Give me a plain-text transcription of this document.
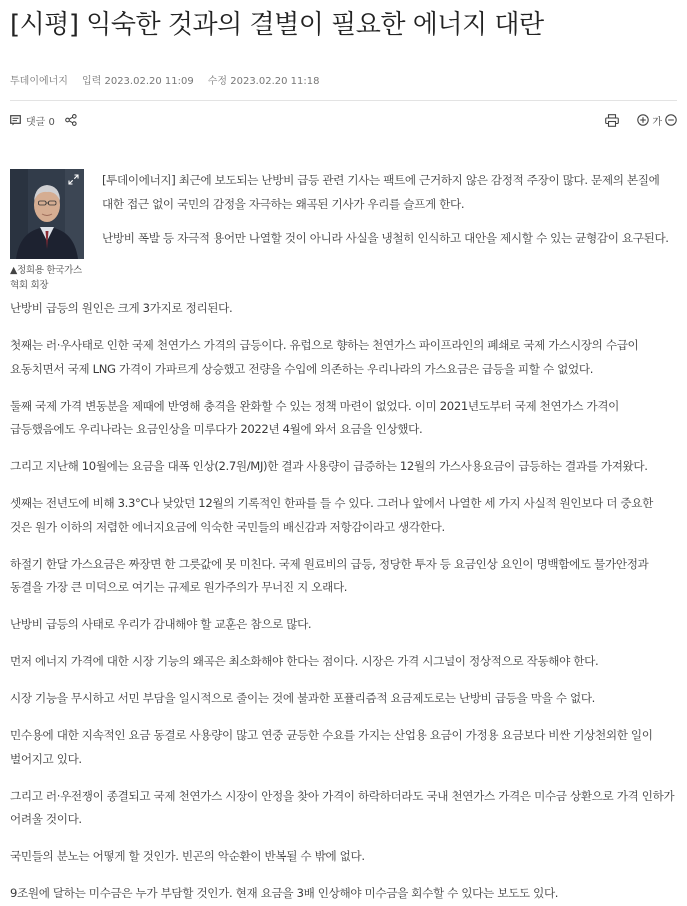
[시평] 익숙한 것과의 결별이 필요한 에너지 대란
투데이에너지 입력 2023.02.20 11:09 수정 2023.02.20 11:18
댓글 0	가
▲정희용 한국가스혁회 회장

[투데이에너지] 최근에 보도되는 난방비 급등 관련 기사는 팩트에 근거하지 않은 감정적 주장이 많다. 문제의 본질에 대한 접근 없이 국민의 감정을 자극하는 왜곡된 기사가 우리를 슬프게 한다.

난방비 폭발 등 자극적 용어만 나열할 것이 아니라 사실을 냉철히 인식하고 대안을 제시할 수 있는 균형감이 요구된다.

난방비 급등의 원인은 크게 3가지로 정리된다.

첫째는 러·우사태로 인한 국제 천연가스 가격의 급등이다. 유럽으로 향하는 천연가스 파이프라인의 폐쇄로 국제 가스시장의 수급이 요동치면서 국제 LNG 가격이 가파르게 상승했고 전량을 수입에 의존하는 우리나라의 가스요금은 급등을 피할 수 없었다.

둘째 국제 가격 변동분을 제때에 반영해 충격을 완화할 수 있는 정책 마련이 없었다. 이미 2021년도부터 국제 천연가스 가격이 급등했음에도 우리나라는 요금인상을 미루다가 2022년 4월에 와서 요금을 인상했다.

그리고 지난해 10월에는 요금을 대폭 인상(2.7원/MJ)한 결과 사용량이 급증하는 12월의 가스사용요금이 급등하는 결과를 가져왔다.

셋째는 전년도에 비해 3.3°C나 낮았던 12월의 기록적인 한파를 들 수 있다. 그러나 앞에서 나열한 세 가지 사실적 원인보다 더 중요한 것은 원가 이하의 저렴한 에너지요금에 익숙한 국민들의 배신감과 저항감이라고 생각한다.

하절기 한달 가스요금은 짜장면 한 그릇값에 못 미친다. 국제 원료비의 급등, 정당한 투자 등 요금인상 요인이 명백함에도 물가안정과 동결을 가장 큰 미덕으로 여기는 규제로 원가주의가 무너진 지 오래다.

난방비 급등의 사태로 우리가 감내해야 할 교훈은 참으로 많다.

먼저 에너지 가격에 대한 시장 기능의 왜곡은 최소화해야 한다는 점이다. 시장은 가격 시그널이 정상적으로 작동해야 한다.

시장 기능을 무시하고 서민 부담을 일시적으로 줄이는 것에 불과한 포퓰리즘적 요금제도로는 난방비 급등을 막을 수 없다.

민수용에 대한 지속적인 요금 동결로 사용량이 많고 연중 균등한 수요를 가지는 산업용 요금이 가정용 요금보다 비싼 기상천외한 일이 벌어지고 있다.

그리고 러·우전쟁이 종결되고 국제 천연가스 시장이 안정을 찾아 가격이 하락하더라도 국내 천연가스 가격은 미수금 상환으로 가격 인하가 어려울 것이다.

국민들의 분노는 어떻게 할 것인가. 빈곤의 악순환이 반복될 수 밖에 없다.

9조원에 달하는 미수금은 누가 부담할 것인가. 현재 요금을 3배 인상해야 미수금을 회수할 수 있다는 보도도 있다.
